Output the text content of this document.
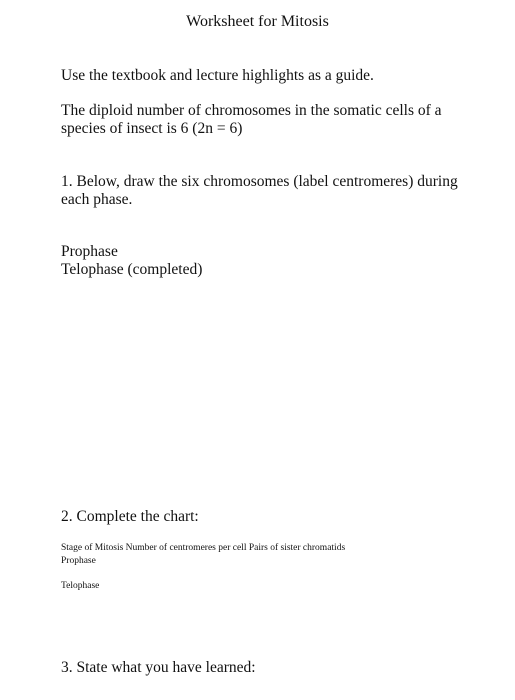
Worksheet for Mitosis
Use the textbook and lecture highlights as a guide.
The diploid number of chromosomes in the somatic cells of a
species of insect is 6 (2n = 6)
1. Below, draw the six chromosomes (label centromeres) during
each phase.
Prophase
Telophase (completed)
2. Complete the chart:
Stage of Mitosis Number of centromeres per cell Pairs of sister chromatids
Prophase
Telophase
3. State what you have learned:
